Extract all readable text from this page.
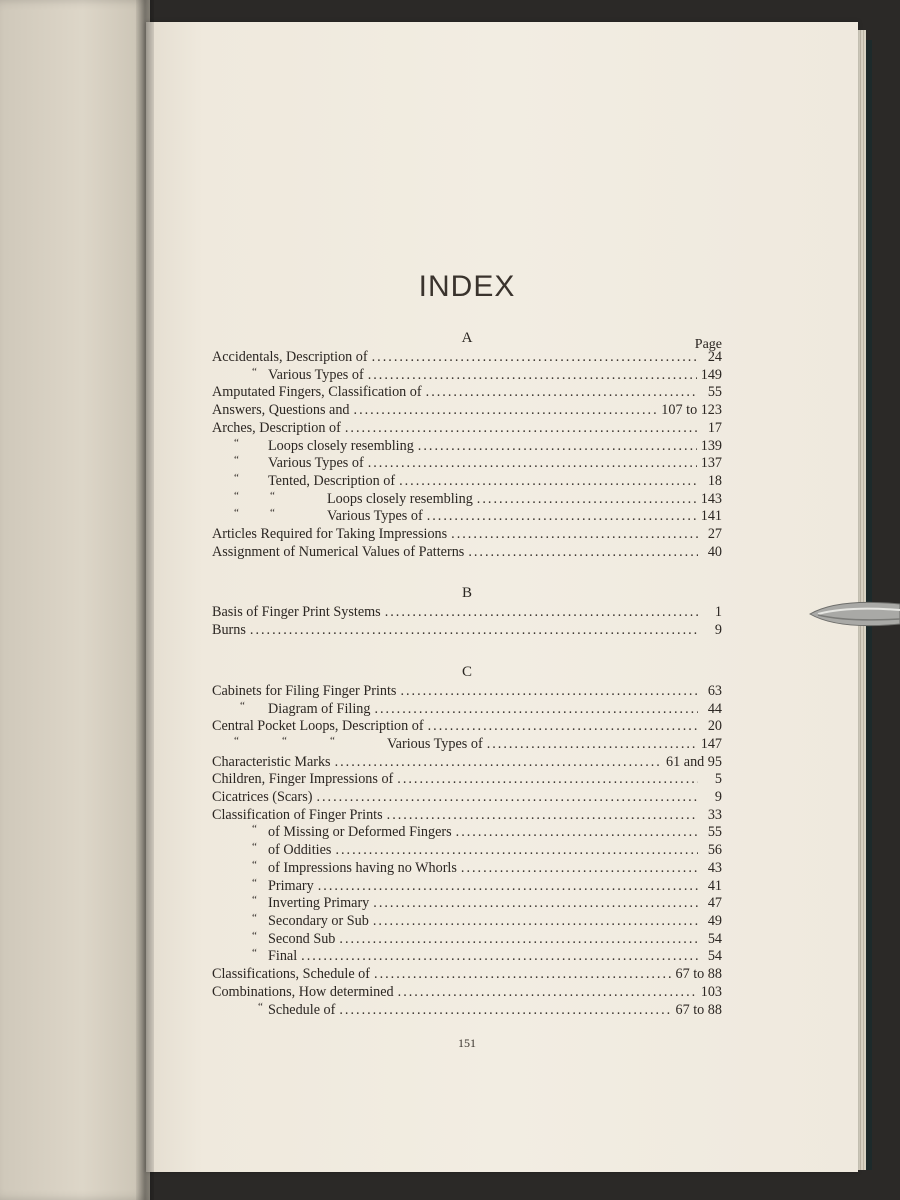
INDEX
A	Page
Accidentals, Description of .....	24
“ Various Types of .....	149
Amputated Fingers, Classification of .....	55
Answers, Questions and .....	107 to 123
Arches, Description of .....	17
“ Loops closely resembling .....	139
“ Various Types of .....	137
“ Tented, Description of .....	18
“	“	Loops closely resembling .....	143
“	“	Various Types of .....	141
Articles Required for Taking Impressions .....	27
Assignment of Numerical Values of Patterns .....	40
B
Basis of Finger Print Systems .....	1
Burns .....	9
C
Cabinets for Filing Finger Prints .....	63
“ Diagram of Filing .....	44
Central Pocket Loops, Description of .....	20
“	“	“	Various Types of .....	147
Characteristic Marks .....	61 and 95
Children, Finger Impressions of .....	5
Cicatrices (Scars) .....	9
Classification of Finger Prints .....	33
“ of Missing or Deformed Fingers .....	55
“ of Oddities .....	56
“ of Impressions having no Whorls .....	43
“ Primary .....	41
“ Inverting Primary .....	47
“ Secondary or Sub .....	49
“ Second Sub .....	54
“ Final .....	54
Classifications, Schedule of .....	67 to 88
Combinations, How determined .....	103
“ Schedule of .....	67 to 88
151
